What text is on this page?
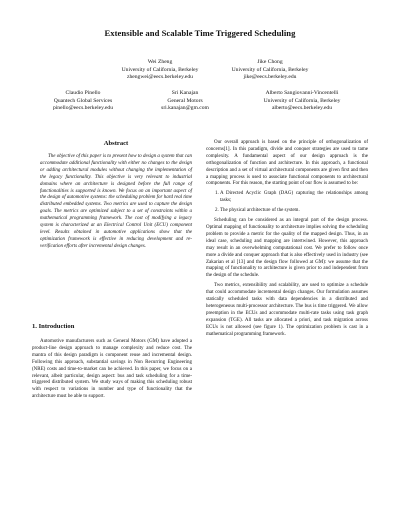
Extensible and Scalable Time Triggered Scheduling
Wei Zheng
University of California, Berkeley
zhengwei@eecs.berkeley.edu
Jike Chong
University of California, Berkeley
jike@eecs.berkeley.edu
Claudio Pinello
Quantech Global Services
pinello@eecs.berkeley.edu
Sri Kanajan
General Motors
sri.kanajan@gm.com
Alberto Sangiovanni-Vincentelli
University of California, Berkeley
alberto@eecs.berkeley.edu
Abstract

The objective of this paper is to present how to design a system that can accommodate additional functionality with either no changes to the design or adding architectural modules without changing the implementation of the legacy functionality. This objective is very relevant to industrial domains where an architecture is designed before the full range of functionalities is supported is known. We focus on an important aspect of the design of automotive systems: the scheduling problem for hard real time distributed embedded systems. Two metrics are used to capture the design goals. The metrics are optimized subject to a set of constraints within a mathematical programming framework. The cost of modifying a legacy system is characterized at an Electrical Control Unit (ECU) component level. Results obtained in automotive applications show that the optimization framework is effective in reducing development and re-verification efforts after incremental design changes.

1. Introduction

Automotive manufacturers such as General Motors (GM) have adopted a product-line design approach to manage complexity and reduce cost. The mantra of this design paradigm is component reuse and incremental design. Following this approach, substantial savings in Non Recurring Engineering (NRE) costs and time-to-market can be achieved. In this paper, we focus on a relevant, albeit particular, design aspect: bus and task scheduling for a time-triggered distributed system. We study ways of making this scheduling robust with respect to variations in number and type of functionality that the architecture must be able to support.

Our overall approach is based on the principle of orthogonalization of concerns[1]. In this paradigm, divide and conquer strategies are used to tame complexity. A fundamental aspect of our design approach is the orthogonalization of function and architecture. In this approach, a functional description and a set of virtual architectural components are given first and then a mapping process is used to associate functional components to architectural components. For this reason, the starting point of our flow is assumed to be:

1. A Directed Acyclic Graph (DAG) capturing the relationships among tasks;
2. The physical architecture of the system.

Scheduling can be considered as an integral part of the design process. Optimal mapping of functionality to architecture implies solving the scheduling problem to provide a metric for the quality of the mapped design. Thus, in an ideal case, scheduling and mapping are intertwined. However, this approach may result in an overwhelming computational cost. We prefer to follow once more a divide and conquer approach that is also effectively used in industry (see Zakarian et al [13] and the design flow followed at GM): we assume that the mapping of functionality to architecture is given prior to and independent from the design of the schedule.

Two metrics, extensibility and scalability, are used to optimize a schedule that could accommodate incremental design changes. Our formulation assumes statically scheduled tasks with data dependencies in a distributed and heterogeneous multi-processor architecture. The bus is time triggered. We allow preemption in the ECUs and accommodate multi-rate tasks using task graph expansion (TGE). All tasks are allocated a priori, and task migration across ECUs is not allowed (see figure 1). The optimization problem is cast in a mathematical programming framework.
